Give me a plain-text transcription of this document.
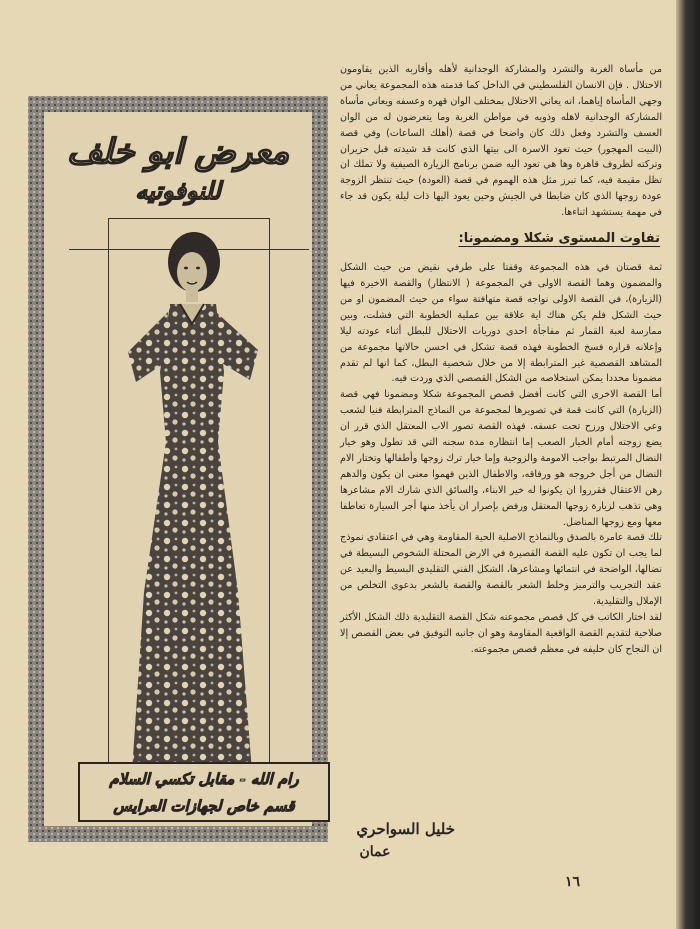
من مأساة الغربة والتشرد والمشاركة الوجدانية لأهله وأقاربه الذين يقاومون الاحتلال . فإن الانسان الفلسطيني في الداخل كما قدمته هذه المجموعة يعاني من وجهي المأساة إياهما، انه يعاني الاحتلال بمختلف الوان قهره وعسفه ويعاني مأساة المشاركة الوجدانية لاهله وذويه في مواطن الغربة وما يتعرضون له من الوان العسف والتشرد وفعل ذلك كان واضحا في قصة (أهلك الساعات) وفي قصة (البيت المهجور) حيث تعود الاسرة الى بيتها الذي كانت قد شيدته قبل حزيران وتركته لظروف قاهرة وها هي تعود اليه ضمن برنامج الزيارة الصيفية ولا تملك ان تظل مقيمة فيه، كما تبرز مثل هذه الهموم في قصة (العودة) حيث تنتظر الزوجة عودة زوجها الذي كان ضابطا في الجيش وحين يعود اليها ذات ليلة يكون قد جاء في مهمة يستشهد اثناءها.

تفاوت المستوى شكلا ومضمونا:

ثمة قصتان في هذه المجموعة وقفتا على طرفي نقيض من حيث الشكل والمضمون وهما القصة الاولى في المجموعة ( الانتظار) والقصة الاخيرة فيها (الزيارة)، في القصة الاولى نواجه قصة متهافتة سواء من حيث المضمون او من حيث الشكل فلم يكن هناك اية علاقة بين عملية الخطوبة التي فشلت، وبين ممارسة لعبة القمار ثم مفاجأة احدى دوريات الاحتلال للبطل أثناء عودته ليلا وإعلانه قراره فسخ الخطوبة فهذه قصة تشكل في احسن حالاتها مجموعة من المشاهد القصصية غير المترابطة إلا من خلال شخصية البطل، كما انها لم تقدم مضمونا محددا يمكن استخلاصه من الشكل القصصي الذي وردت فيه.

أما القصة الاخرى التي كانت أفضل قصص المجموعة شكلا ومضمونا فهي قصة (الزيارة) التي كانت قمة في تصويرها لمجموعة من النماذج المترابطة فنيا لشعب وعي الاحتلال ورزح تحت عسفه. فهذه القصة تصور الاب المعتقل الذي قرر ان يضع زوجته أمام الخيار الصعب إما انتظاره مدة سجنه التي قد تطول وهو خيار النضال المرتبط بواجب الامومة والزوجية وإما خيار ترك زوجها وأطفالها وتختار الام النضال من أجل خروجه هو ورفاقه، والاطفال الذين فهموا معنى ان يكون والدهم رهن الاعتقال فقرروا ان يكونوا له خير الابناء، والسائق الذي شارك الام مشاعرها وهي تذهب لزيارة زوجها المعتقل ورفض بإصرار ان يأخذ منها أجر السيارة تعاطفا معها ومع زوجها المناضل.

تلك قصة عامرة بالصدق وبالنماذج الاصلية الحية المقاومة وهي في اعتقادي نموذج لما يجب ان تكون عليه القصة القصيرة في الارض المحتلة الشخوص البسيطة في نضالها، الواضحة في انتمائها ومشاعرها، الشكل الفني التقليدي البسيط والبعيد عن عقد التجريب والترميز وخلط الشعر بالقصة والقصة بالشعر بدعوى التخلص من الإملال والتقليدية.

لقد اختار الكاتب في كل قصص مجموعته شكل القصة التقليدية ذلك الشكل الأكثر صلاحية لتقديم القصة الواقعية المقاومة وهو ان جانبه التوفيق في بعض القصص إلا ان النجاح كان حليفه في معظم قصص مجموعته.

خليل السواحري
عمان
١٦
معرض ابو خلف
للنوفوتيه
رام الله - مقابل تكسي السلام
قسم خاص لجهازات العرايس
